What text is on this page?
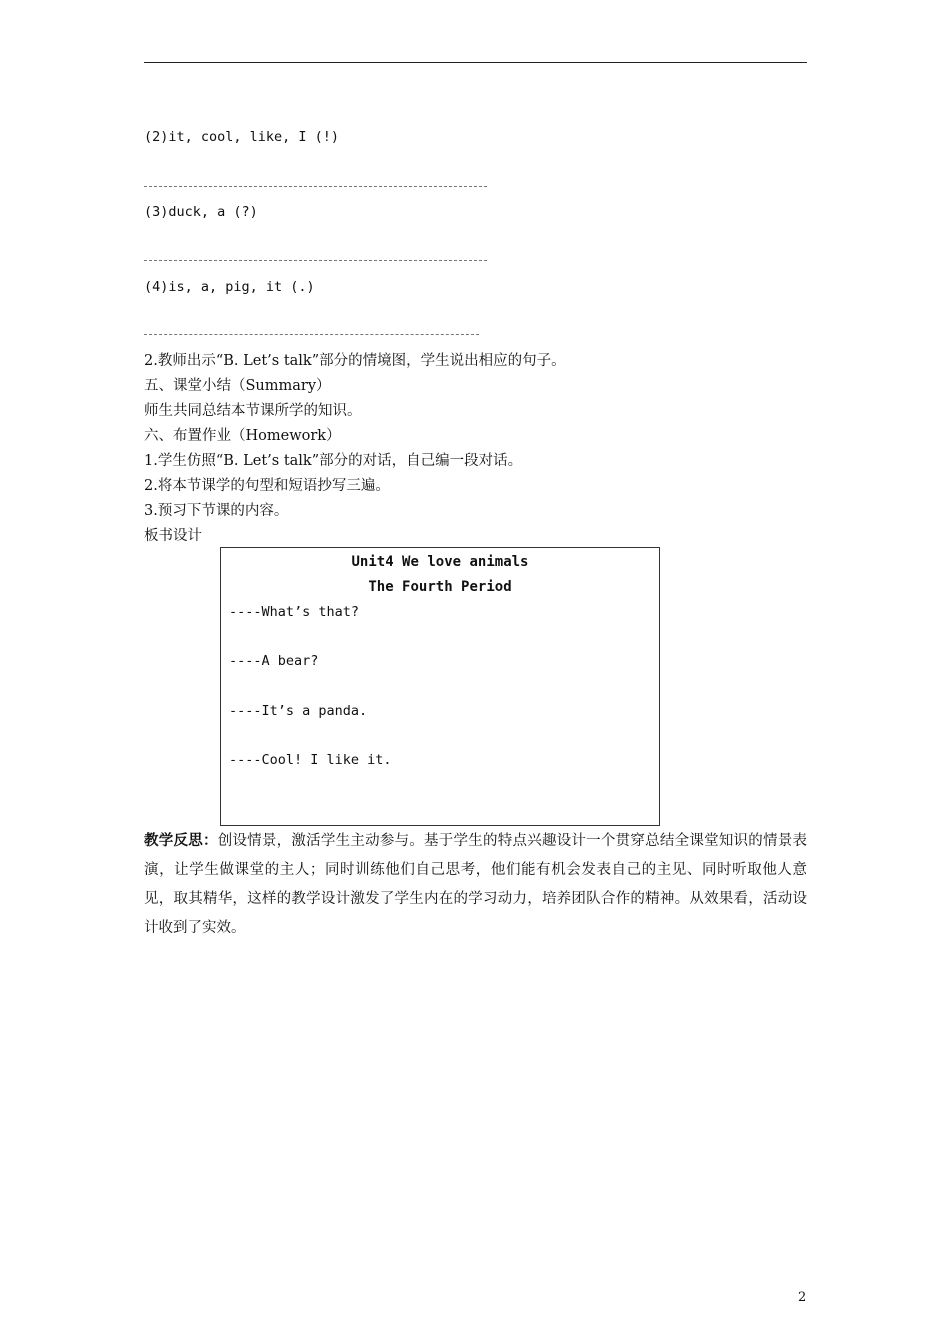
(2)it, cool, like, I (!)
(3)duck, a (?)
(4)is, a, pig, it (.)
2.教师出示“B. Let’s talk”部分的情境图，学生说出相应的句子。
五、课堂小结（Summary）
师生共同总结本节课所学的知识。
六、布置作业（Homework）
1.学生仿照“B. Let’s talk”部分的对话，自己编一段对话。
2.将本节课学的句型和短语抄写三遍。
3.预习下节课的内容。
板书设计
Unit4 We love animals
The Fourth Period
----What’s that?
----A bear?
----It’s a panda.
----Cool! I like it.
教学反思：创设情景，激活学生主动参与。基于学生的特点兴趣设计一个贯穿总结全课堂知识的情景表演，让学生做课堂的主人；同时训练他们自己思考，他们能有机会发表自己的主见、同时听取他人意见，取其精华，这样的教学设计激发了学生内在的学习动力，培养团队合作的精神。从效果看，活动设计收到了实效。
2
